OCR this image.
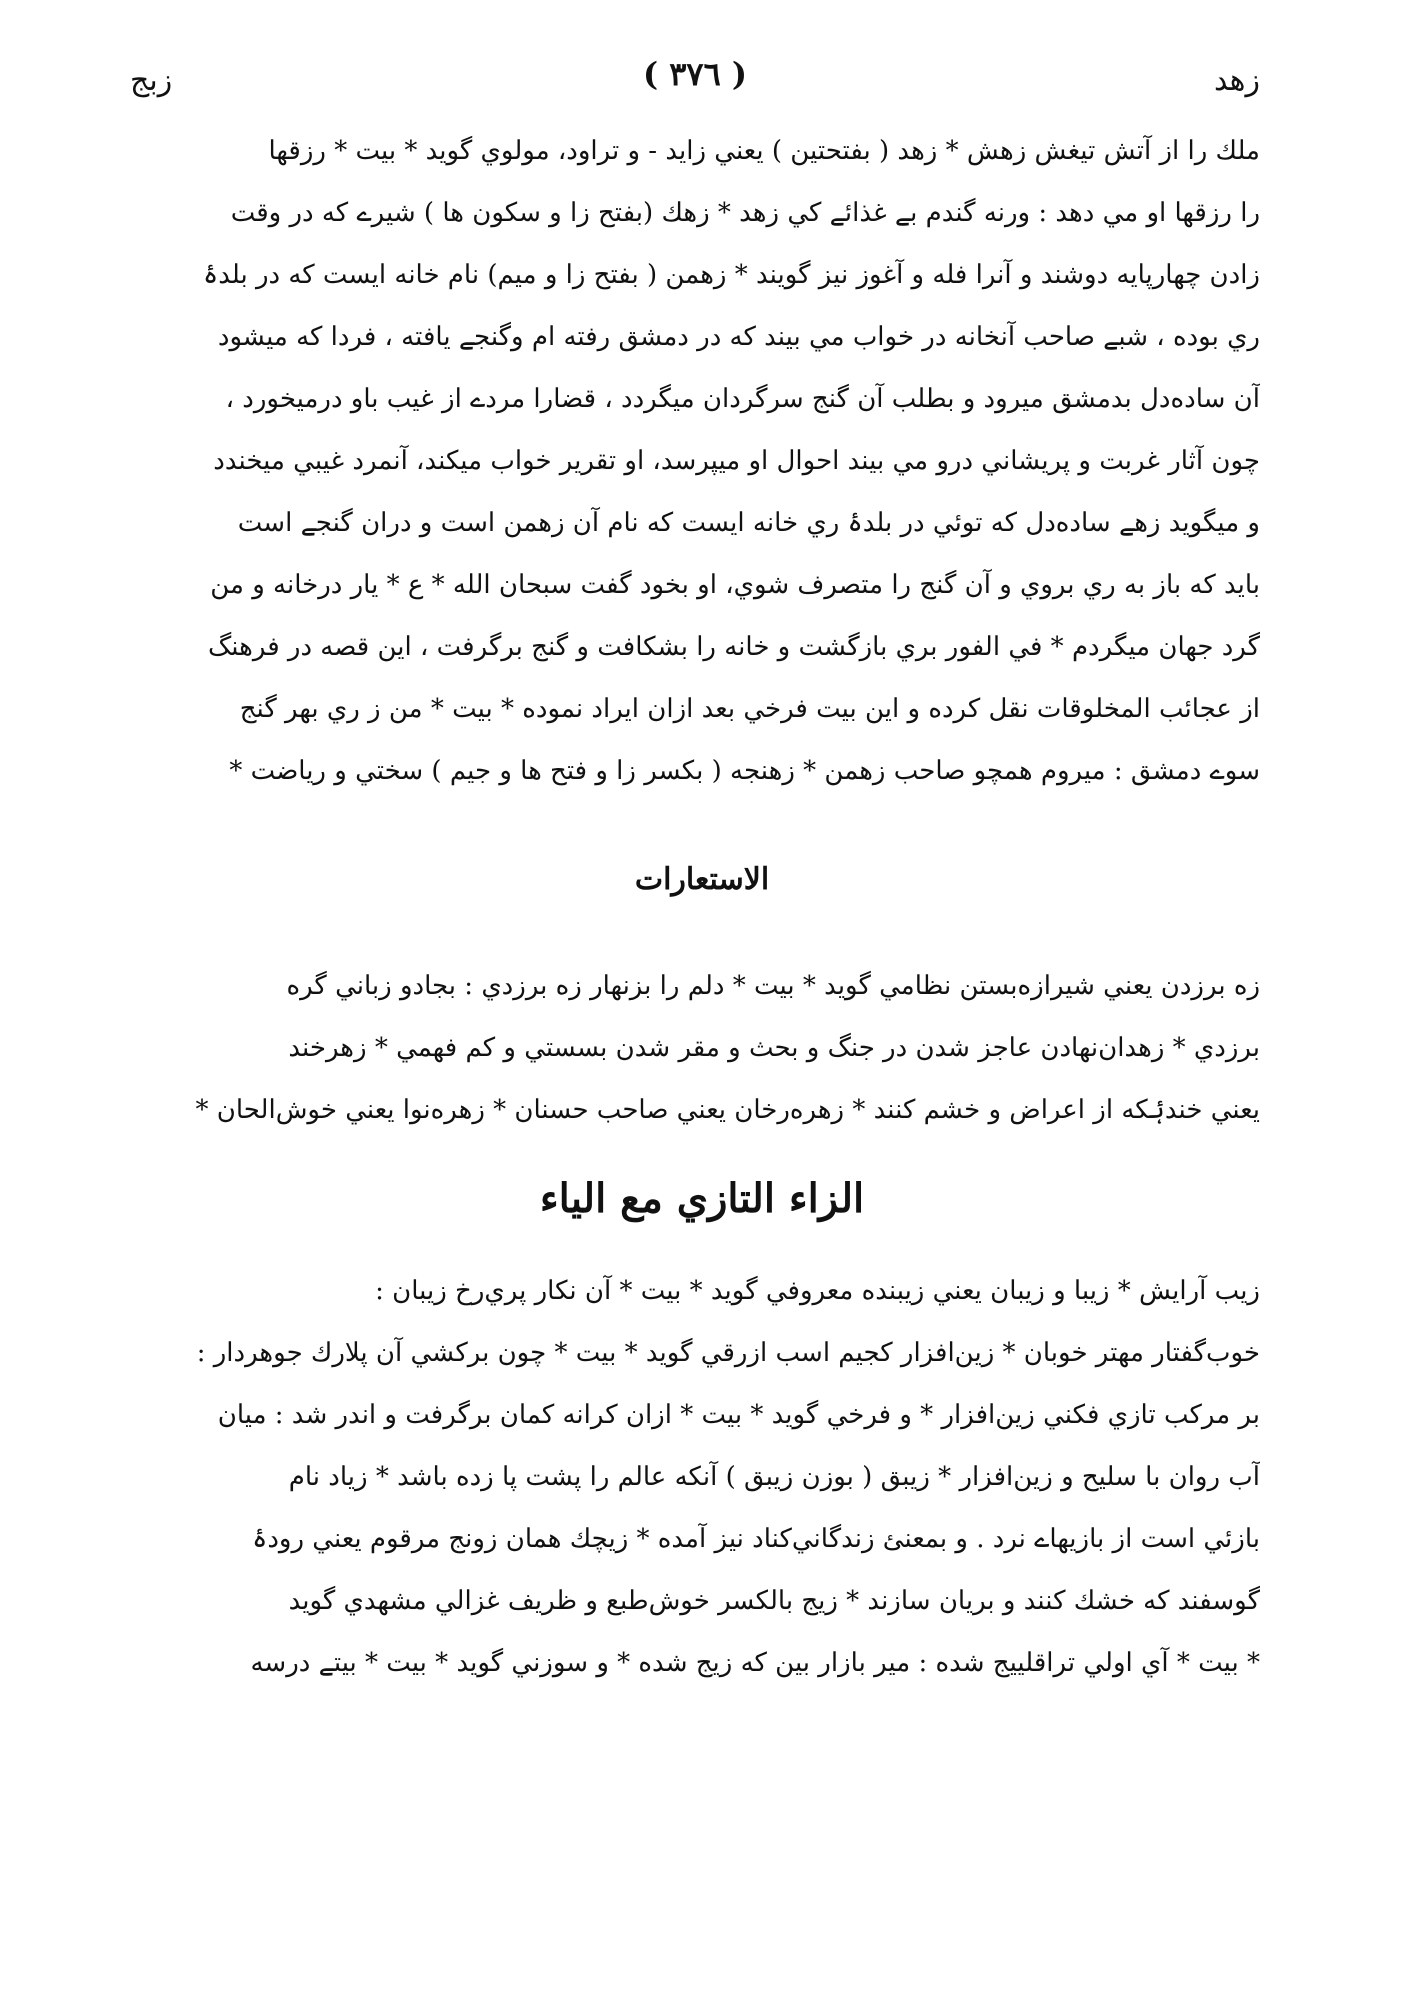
زهد
( ٣٧٦ )
زبج
ملك را از آتش تيغش زهش * زهد ( بفتحتين ) يعني زايد - و تراود، مولوي گويد * بيت * رزقها
را رزقها او مي دهد : ورنه گندم بے غذائے كي زهد * زهك (بفتح زا و سكون ها ) شيرے كه در وقت
زادن چهارپايه دوشند و آنرا فله و آغوز نيز گويند * زهمن ( بفتح زا و ميم) نام خانه ايست كه در بلدۂ
ري بوده ، شبے صاحب آنخانه در خواب مي بيند كه در دمشق رفته ام وگنجے يافته ، فردا كه ميشود
آن ساده‌دل بدمشق ميرود و بطلب آن گنج سرگردان ميگردد ، قضارا مردے از غيب باو درميخورد ،
چون آثار غربت و پريشاني درو مي بيند احوال او ميپرسد، او تقرير خواب ميكند، آنمرد غيبي ميخندد
و ميگويد زهے ساده‌دل كه توئي در بلدۂ ري خانه ايست كه نام آن زهمن است و دران گنجے است
بايد كه باز به ري بروي و آن گنج را متصرف شوي، او بخود گفت سبحان الله * ع * يار درخانه و من
گرد جهان ميگردم * في الفور بري بازگشت و خانه را بشكافت و گنج برگرفت ، اين قصه در فرهنگ
از عجائب المخلوقات نقل كرده و اين بيت فرخي بعد ازان ايراد نموده * بيت * من ز ري بهر گنج
سوے دمشق : ميروم همچو صاحب زهمن * زهنجه ( بكسر زا و فتح ها و جيم ) سختي و رياضت *
الاستعارات
زه برزدن يعني شيرازه‌بستن نظامي گويد * بيت * دلم را بزنهار زه برزدي : بجادو زباني گره
برزدي * زهدان‌نهادن عاجز شدن در جنگ و بحث و مقر شدن بسستي و كم فهمي * زهرخند
يعني خندۂكه از اعراض و خشم كنند * زهره‌رخان يعني صاحب حسنان * زهره‌نوا يعني خوش‌الحان *
الزاء التازي مع الياء
زيب آرايش * زيبا و زيبان يعني زيبنده معروفي گويد * بيت * آن نكار پري‌رخ زيبان :
خوب‌گفتار مهتر خوبان * زين‌افزار كجيم اسب ازرقي گويد * بيت * چون بركشي آن پلارك جوهردار :
بر مركب تازي فكني زين‌افزار * و فرخي گويد * بيت * ازان كرانه كمان برگرفت و اندر شد : ميان
آب روان با سليح و زين‌افزار * زيبق ( بوزن زيبق ) آنكه عالم را پشت پا زده باشد * زياد نام
بازئي است از بازيهاے نرد . و بمعنئ زندگاني‌كناد نيز آمده * زيچك همان زونج مرقوم يعني رودۂ
گوسفند كه خشك كنند و بريان سازند * زيج بالكسر خوش‌طبع و ظريف غزالي مشهدي گويد
* بيت * آي اولي تراقلييج شده : مير بازار بين كه زيج شده * و سوزني گويد * بيت * بيتے درسه
